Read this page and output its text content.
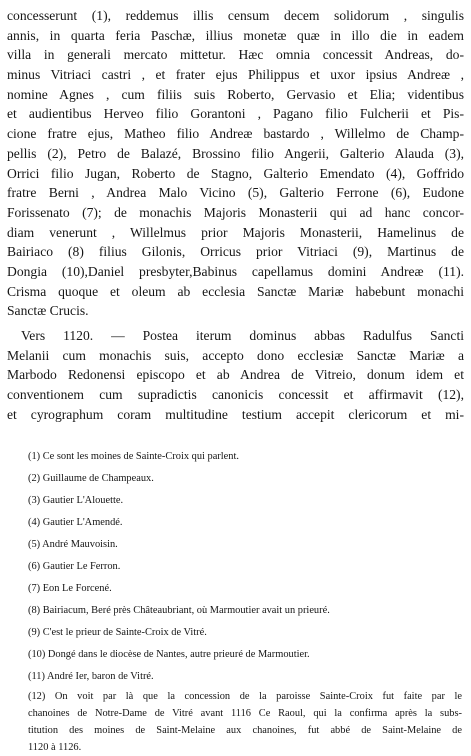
concesserunt (1), reddemus illis censum decem solidorum , singulis
annis, in quarta feria Paschæ, illius monetæ quæ in illo die in eadem
villa in generali mercato mittetur. Hæc omnia concessit Andreas, do-
minus Vitriaci castri , et frater ejus Philippus et uxor ipsius Andreæ ,
nomine Agnes , cum filiis suis Roberto, Gervasio et Elia; videntibus
et audientibus Herveo filio Gorantoni , Pagano filio Fulcherii et Pis-
cione fratre ejus, Matheo filio Andreæ bastardo , Willelmo de Champ-
pellis (2), Petro de Balazé, Brossino filio Angerii, Galterio Alauda (3),
Orrici filio Jugan, Roberto de Stagno, Galterio Emendato (4), Goffrido
fratre Berni , Andrea Malo Vicino (5), Galterio Ferrone (6), Eudone
Forissenato (7); de monachis Majoris Monasterii qui ad hanc concor-
diam venerunt , Willelmus prior Majoris Monasterii, Hamelinus de
Bairiaco (8) filius Gilonis, Orricus prior Vitriaci (9), Martinus de
Dongia (10),Daniel presbyter,Babinus capellamus domini Andreæ (11).
Crisma quoque et oleum ab ecclesia Sanctæ Mariæ habebunt monachi
Sanctæ Crucis.
Vers 1120. — Postea iterum dominus abbas Radulfus Sancti
Melanii cum monachis suis, accepto dono ecclesiæ Sanctæ Mariæ a
Marbodo Redonensi episcopo et ab Andrea de Vitreio, donum idem et
conventionem cum supradictis canonicis concessit et affirmavit (12),
et cyrographum coram multitudine testium accepit clericorum et mi-
(1) Ce sont les moines de Sainte-Croix qui parlent.
(2) Guillaume de Champeaux.
(3) Gautier L'Alouette.
(4) Gautier L'Amendé.
(5) André Mauvoisin.
(6) Gautier Le Ferron.
(7) Eon Le Forcené.
(8) Bairiacum, Beré près Châteaubriant, où Marmoutier avait un prieuré.
(9) C'est le prieur de Sainte-Croix de Vitré.
(10) Dongé dans le diocèse de Nantes, autre prieuré de Marmoutier.
(11) André Ier, baron de Vitré.
(12) On voit par là que la concession de la paroisse Sainte-Croix fut faite par le
chanoines de Notre-Dame de Vitré avant 1116 Ce Raoul, qui la confirma après la subs-
titution des moines de Saint-Melaine aux chanoines, fut abbé de Saint-Melaine de
1120 à 1126.
